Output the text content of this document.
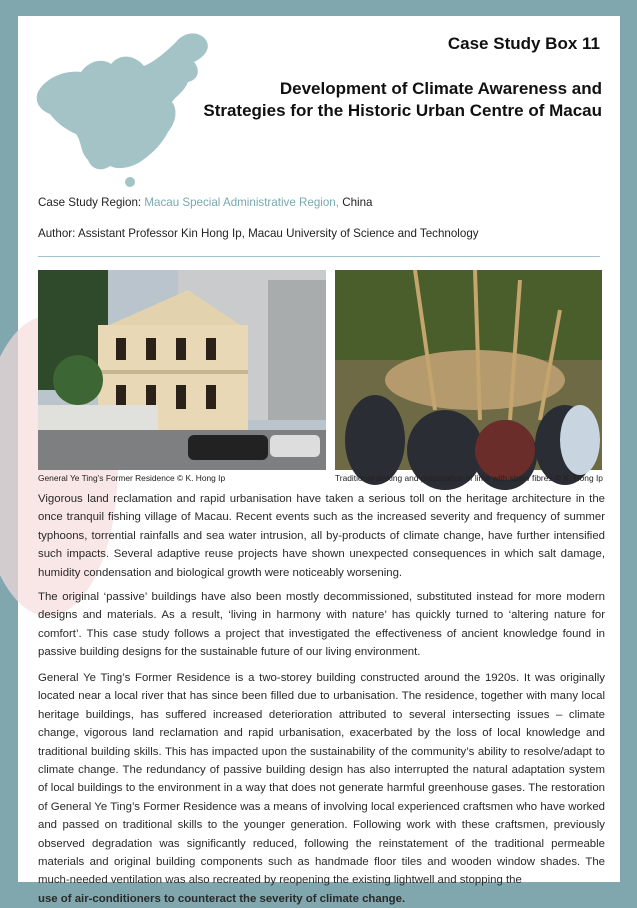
Case Study Box 11
Development of Climate Awareness and
Strategies for the Historic Urban Centre of Macau
Case Study Region: Macau Special Administrative Region, China
Author: Assistant Professor Kin Hong Ip, Macau University of Science and Technology
General Ye Ting’s Former Residence © K. Hong Ip	Traditional slaking and preparation of lime with straw fibres © K. Hong Ip

Vigorous land reclamation and rapid urbanisation have taken a serious toll on the heritage architecture in the once tranquil fishing village of Macau. Recent events such as the increased severity and frequency of summer typhoons, torrential rainfalls and sea water intrusion, all by-products of climate change, have further intensified such impacts. Several adaptive reuse projects have shown unexpected consequences in which salt damage, humidity condensation and biological growth were noticeably worsening.

The original ‘passive’ buildings have also been mostly decommissioned, substituted instead for more modern designs and materials. As a result, ‘living in harmony with nature’ has quickly turned to ‘altering nature for comfort’. This case study follows a project that investigated the effectiveness of ancient knowledge found in passive building designs for the sustainable future of our living environment.

General Ye Ting’s Former Residence is a two-storey building constructed around the 1920s. It was originally located near a local river that has since been filled due to urbanisation. The residence, together with many local heritage buildings, has suffered increased deterioration attributed to several intersecting issues – climate change, vigorous land reclamation and rapid urbanisation, exacerbated by the loss of local knowledge and traditional building skills. This has impacted upon the sustainability of the community’s ability to resolve/adapt to climate change. The redundancy of passive building design has also interrupted the natural adaptation system of local buildings to the environment in a way that does not generate harmful greenhouse gases. The restoration of General Ye Ting’s Former Residence was a means of involving local experienced craftsmen who have worked and passed on traditional skills to the younger generation. Following work with these craftsmen, previously observed degradation was significantly reduced, following the reinstatement of the traditional permeable materials and original building components such as handmade floor tiles and wooden window shades. The much-needed ventilation was also recreated by reopening the existing lightwell and stopping the

use of air-conditioners to counteract the severity of climate change.
